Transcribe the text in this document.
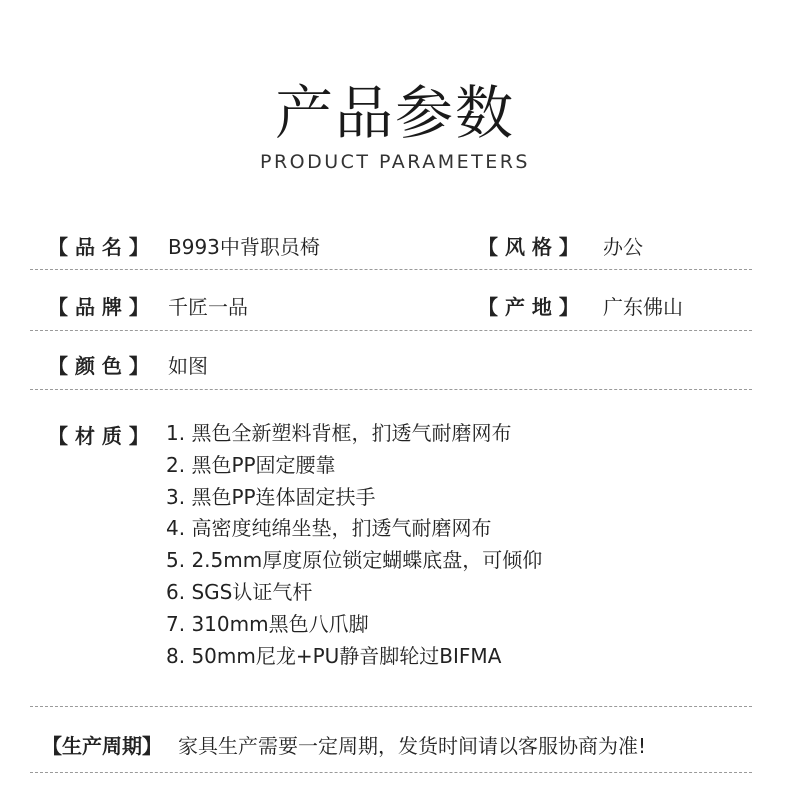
产品参数
PRODUCT PARAMETERS
【 品 名 】 B993中背职员椅	【 风 格 】 办公
【 品 牌 】 千匠一品	【 产 地 】 广东佛山
【 颜 色 】 如图
【 材 质 】 1. 黑色全新塑料背框，扪透气耐磨网布
2. 黑色PP固定腰靠
3. 黑色PP连体固定扶手
4. 高密度纯绵坐垫，扪透气耐磨网布
5. 2.5mm厚度原位锁定蝴蝶底盘，可倾仰
6. SGS认证气杆
7. 310mm黑色八爪脚
8. 50mm尼龙+PU静音脚轮过BIFMA
【生产周期】 家具生产需要一定周期，发货时间请以客服协商为准!
